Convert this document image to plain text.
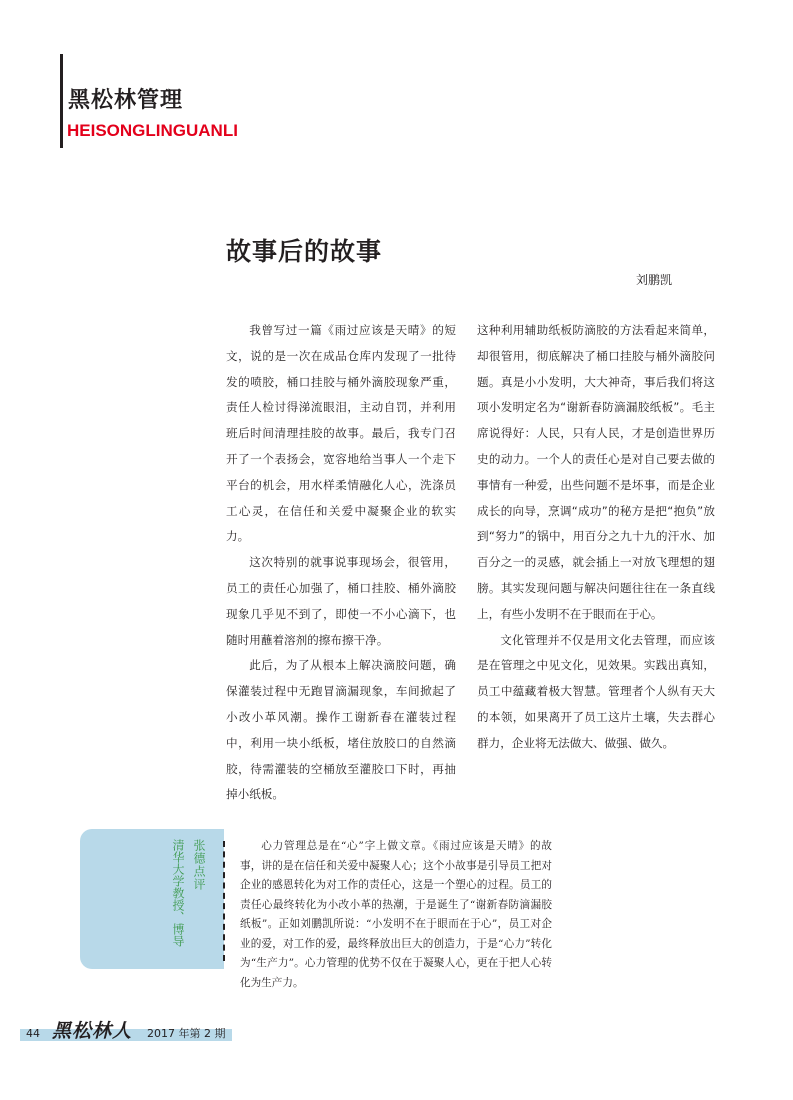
黑松林管理
HEISONGLINGUANLI
故事后的故事
刘鹏凯

我曾写过一篇《雨过应该是天晴》的短文，说的是一次在成品仓库内发现了一批待发的喷胶，桶口挂胶与桶外滴胶现象严重，责任人检讨得涕流眼泪，主动自罚，并利用班后时间清理挂胶的故事。最后，我专门召开了一个表扬会，宽容地给当事人一个走下平台的机会，用水样柔情融化人心，洗涤员工心灵，在信任和关爱中凝聚企业的软实力。

这次特别的就事说事现场会，很管用，员工的责任心加强了，桶口挂胶、桶外滴胶现象几乎见不到了，即使一不小心滴下，也随时用蘸着溶剂的擦布擦干净。

此后，为了从根本上解决滴胶问题，确保灌装过程中无跑冒滴漏现象，车间掀起了小改小革风潮。操作工谢新春在灌装过程中，利用一块小纸板，堵住放胶口的自然滴胶，待需灌装的空桶放至灌胶口下时，再抽掉小纸板。

这种利用辅助纸板防滴胶的方法看起来简单，却很管用，彻底解决了桶口挂胶与桶外滴胶问题。真是小小发明，大大神奇，事后我们将这项小发明定名为“谢新春防滴漏胶纸板”。毛主席说得好：人民，只有人民，才是创造世界历史的动力。一个人的责任心是对自己要去做的事情有一种爱，出些问题不是坏事，而是企业成长的向导，烹调“成功”的秘方是把“抱负”放到“努力”的锅中，用百分之九十九的汗水、加百分之一的灵感，就会插上一对放飞理想的翅膀。其实发现问题与解决问题往往在一条直线上，有些小发明不在于眼而在于心。

文化管理并不仅是用文化去管理，而应该是在管理之中见文化，见效果。实践出真知，员工中蕴藏着极大智慧。管理者个人纵有天大的本领，如果离开了员工这片土壤，失去群心群力，企业将无法做大、做强、做久。

张德点评
清华大学教授、博导	心力管理总是在“心”字上做文章。《雨过应该是天晴》的故事，讲的是在信任和关爱中凝聚人心；这个小故事是引导员工把对企业的感恩转化为对工作的责任心，这是一个塑心的过程。员工的责任心最终转化为小改小革的热潮，于是诞生了“谢新春防滴漏胶纸板”。正如刘鹏凯所说：“小发明不在于眼而在于心”，员工对企业的爱，对工作的爱，最终释放出巨大的创造力，于是“心力”转化为“生产力”。心力管理的优势不仅在于凝聚人心，更在于把人心转化为生产力。

44 黑松林人 2017 年第 2 期
